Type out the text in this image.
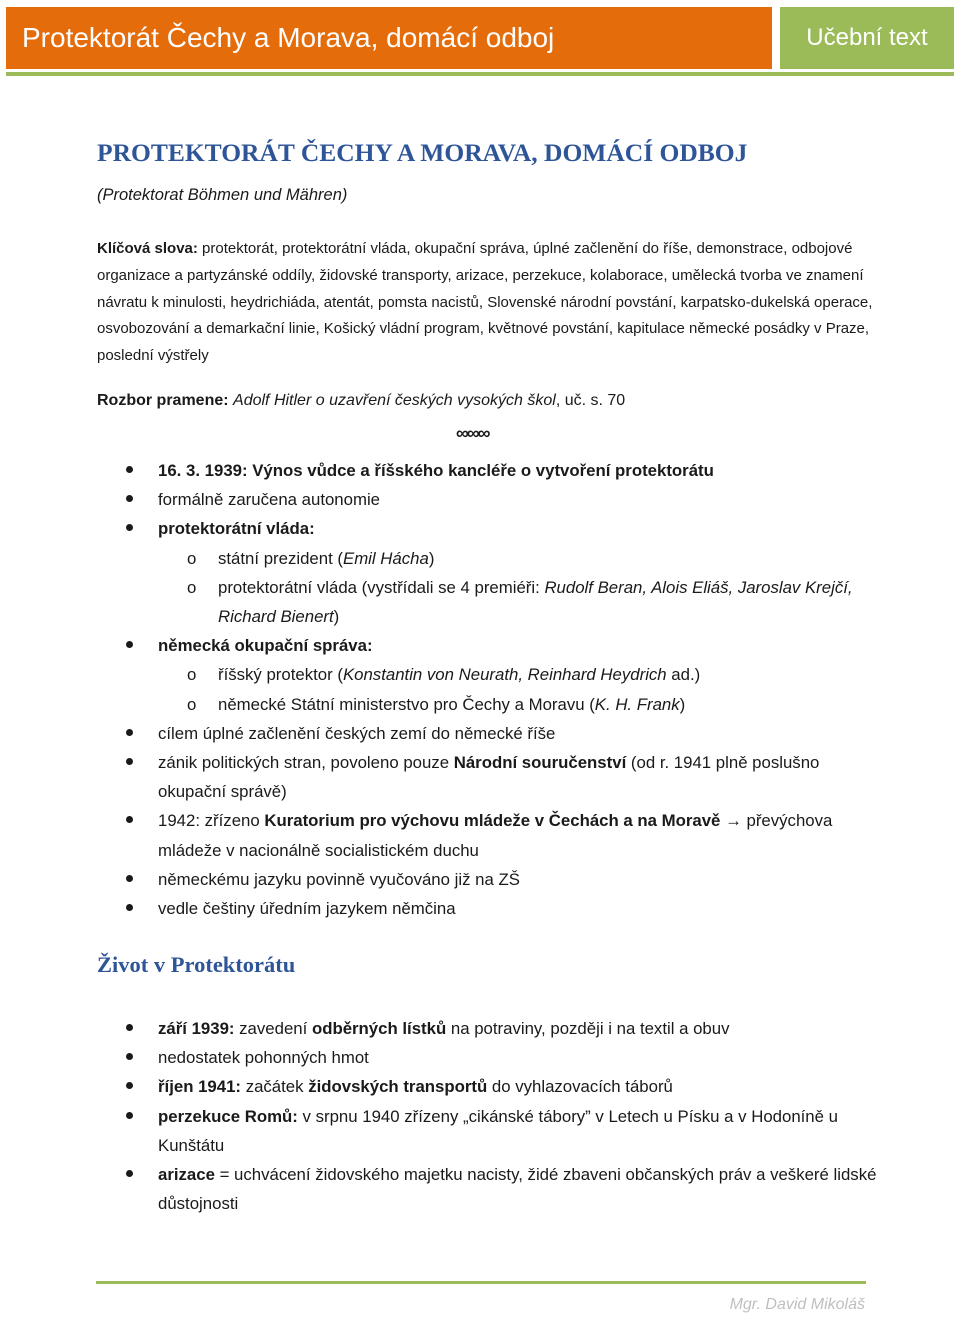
Protektorát Čechy a Morava, domácí odboj	Učební text
PROTEKTORÁT ČECHY A MORAVA, DOMÁCÍ ODBOJ
(Protektorat Böhmen und Mähren)
Klíčová slova: protektorát, protektorátní vláda, okupační správa, úplné začlenění do říše, demonstrace, odbojové organizace a partyzánské oddíly, židovské transporty, arizace, perzekuce, kolaborace, umělecká tvorba ve znamení návratu k minulosti, heydrichiáda, atentát, pomsta nacistů, Slovenské národní povstání, karpatsko-dukelská operace, osvobozování a demarkační linie, Košický vládní program, květnové povstání, kapitulace německé posádky v Praze, poslední výstřely
Rozbor pramene: Adolf Hitler o uzavření českých vysokých škol, uč. s. 70
∞∞∞
16. 3. 1939: Výnos vůdce a říšského kancléře o vytvoření protektorátu
formálně zaručena autonomie
protektorátní vláda:
o státní prezident (Emil Hácha)
o protektorátní vláda (vystřídali se 4 premiéři: Rudolf Beran, Alois Eliáš, Jaroslav Krejčí, Richard Bienert)
německá okupační správa:
o říšský protektor (Konstantin von Neurath, Reinhard Heydrich ad.)
o německé Státní ministerstvo pro Čechy a Moravu (K. H. Frank)
cílem úplné začlenění českých zemí do německé říše
zánik politických stran, povoleno pouze Národní souručenství (od r. 1941 plně poslušno okupační správě)
1942: zřízeno Kuratorium pro výchovu mládeže v Čechách a na Moravě → převýchova mládeže v nacionálně socialistickém duchu
německému jazyku povinně vyučováno již na ZŠ
vedle češtiny úředním jazykem němčina
Život v Protektorátu
září 1939: zavedení odběrných lístků na potraviny, později i na textil a obuv
nedostatek pohonných hmot
říjen 1941: začátek židovských transportů do vyhlazovacích táborů
perzekuce Romů: v srpnu 1940 zřízeny „cikánské tábory” v Letech u Písku a v Hodoníně u Kunštátu
arizace = uchvácení židovského majetku nacisty, židé zbaveni občanských práv a veškeré lidské důstojnosti
Mgr. David Mikoláš
